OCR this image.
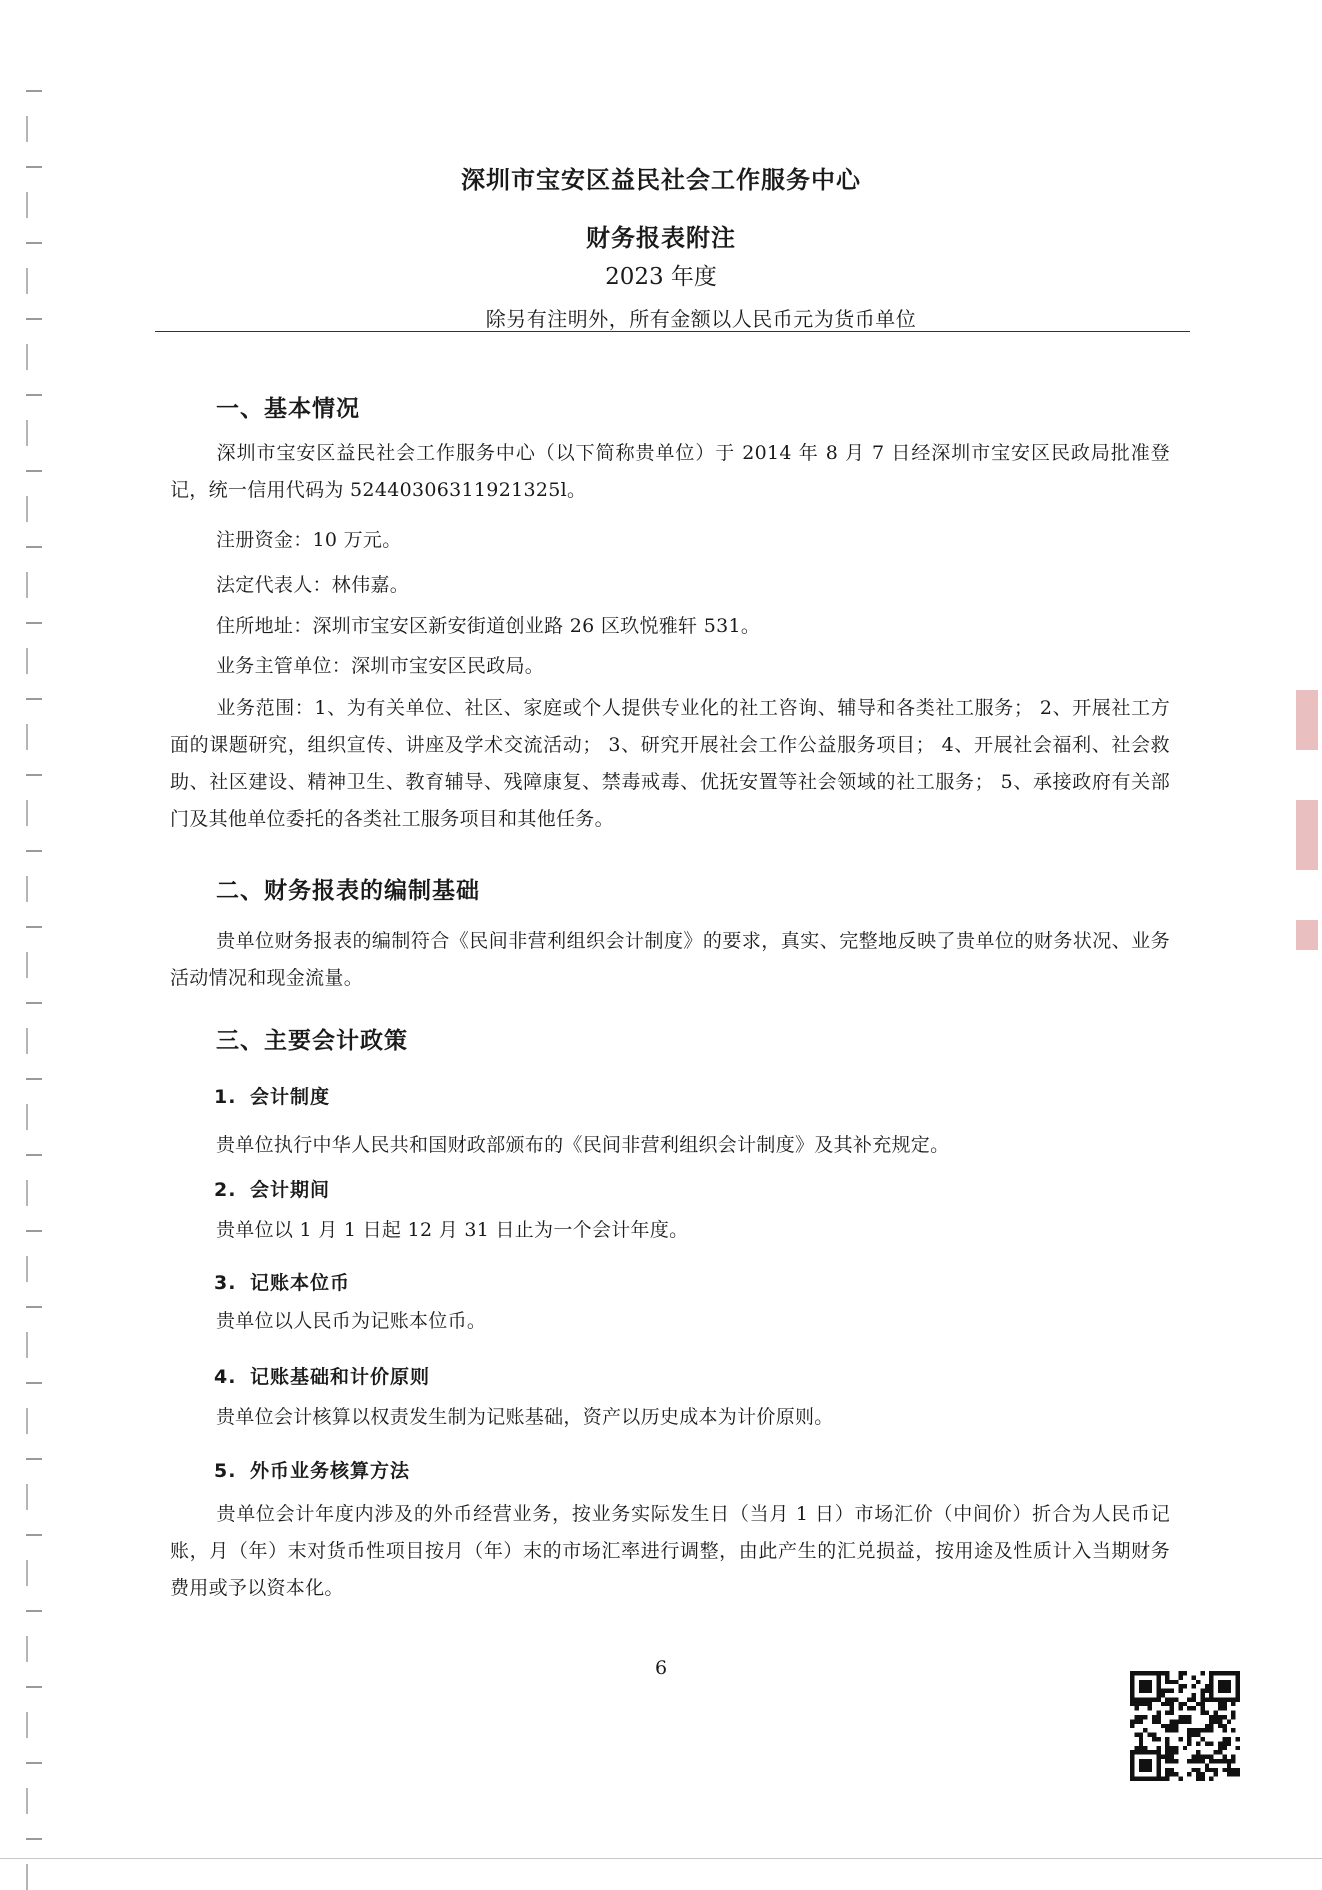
深圳市宝安区益民社会工作服务中心
财务报表附注
2023 年度
除另有注明外，所有金额以人民币元为货币单位
一、基本情况
深圳市宝安区益民社会工作服务中心（以下简称贵单位）于 2014 年 8 月 7 日经深圳市宝安区民政局批准登记，统一信用代码为 52440306311921325l。
注册资金：10 万元。
法定代表人：林伟嘉。
住所地址：深圳市宝安区新安街道创业路 26 区玖悦雅轩 531。
业务主管单位：深圳市宝安区民政局。
业务范围：1、为有关单位、社区、家庭或个人提供专业化的社工咨询、辅导和各类社工服务； 2、开展社工方面的课题研究，组织宣传、讲座及学术交流活动； 3、研究开展社会工作公益服务项目； 4、开展社会福利、社会救助、社区建设、精神卫生、教育辅导、残障康复、禁毒戒毒、优抚安置等社会领域的社工服务； 5、承接政府有关部门及其他单位委托的各类社工服务项目和其他任务。
二、财务报表的编制基础
贵单位财务报表的编制符合《民间非营利组织会计制度》的要求，真实、完整地反映了贵单位的财务状况、业务活动情况和现金流量。
三、主要会计政策
1. 会计制度
贵单位执行中华人民共和国财政部颁布的《民间非营利组织会计制度》及其补充规定。
2. 会计期间
贵单位以 1 月 1 日起 12 月 31 日止为一个会计年度。
3. 记账本位币
贵单位以人民币为记账本位币。
4. 记账基础和计价原则
贵单位会计核算以权责发生制为记账基础，资产以历史成本为计价原则。
5. 外币业务核算方法
贵单位会计年度内涉及的外币经营业务，按业务实际发生日（当月 1 日）市场汇价（中间价）折合为人民币记账，月（年）末对货币性项目按月（年）末的市场汇率进行调整，由此产生的汇兑损益，按用途及性质计入当期财务费用或予以资本化。
6
